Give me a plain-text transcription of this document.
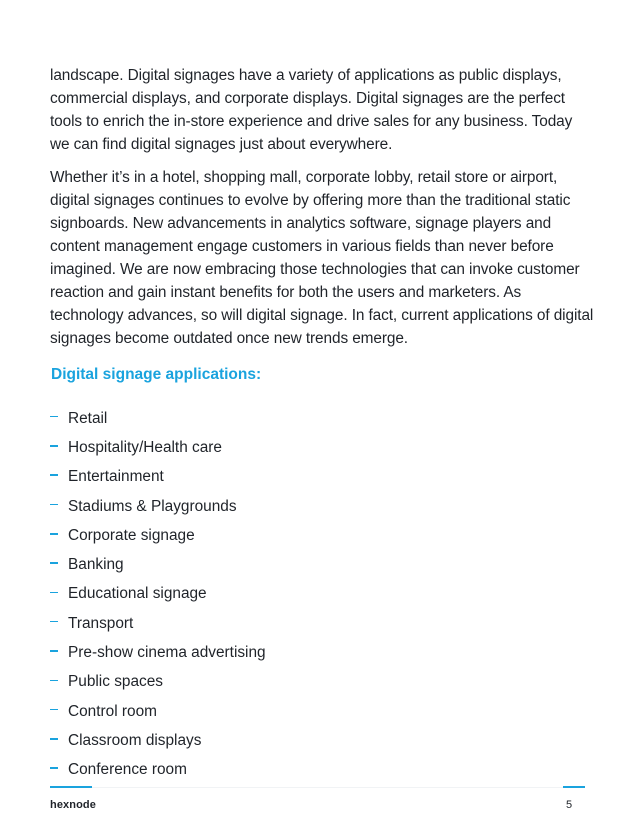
landscape. Digital signages have a variety of applications as public displays, commercial displays, and corporate displays. Digital signages are the perfect tools to enrich the in-store experience and drive sales for any business. Today we can find digital signages just about everywhere.

Whether it’s in a hotel, shopping mall, corporate lobby, retail store or airport, digital signages continues to evolve by offering more than the traditional static signboards. New advancements in analytics software, signage players and content management engage customers in various fields than never before imagined. We are now embracing those technologies that can invoke customer reaction and gain instant benefits for both the users and marketers. As technology advances, so will digital signage. In fact, current applications of digital signages become outdated once new trends emerge.

Digital signage applications:
Retail
Hospitality/Health care
Entertainment
Stadiums & Playgrounds
Corporate signage
Banking
Educational signage
Transport
Pre-show cinema advertising
Public spaces
Control room
Classroom displays
Conference room
hexnode	5
